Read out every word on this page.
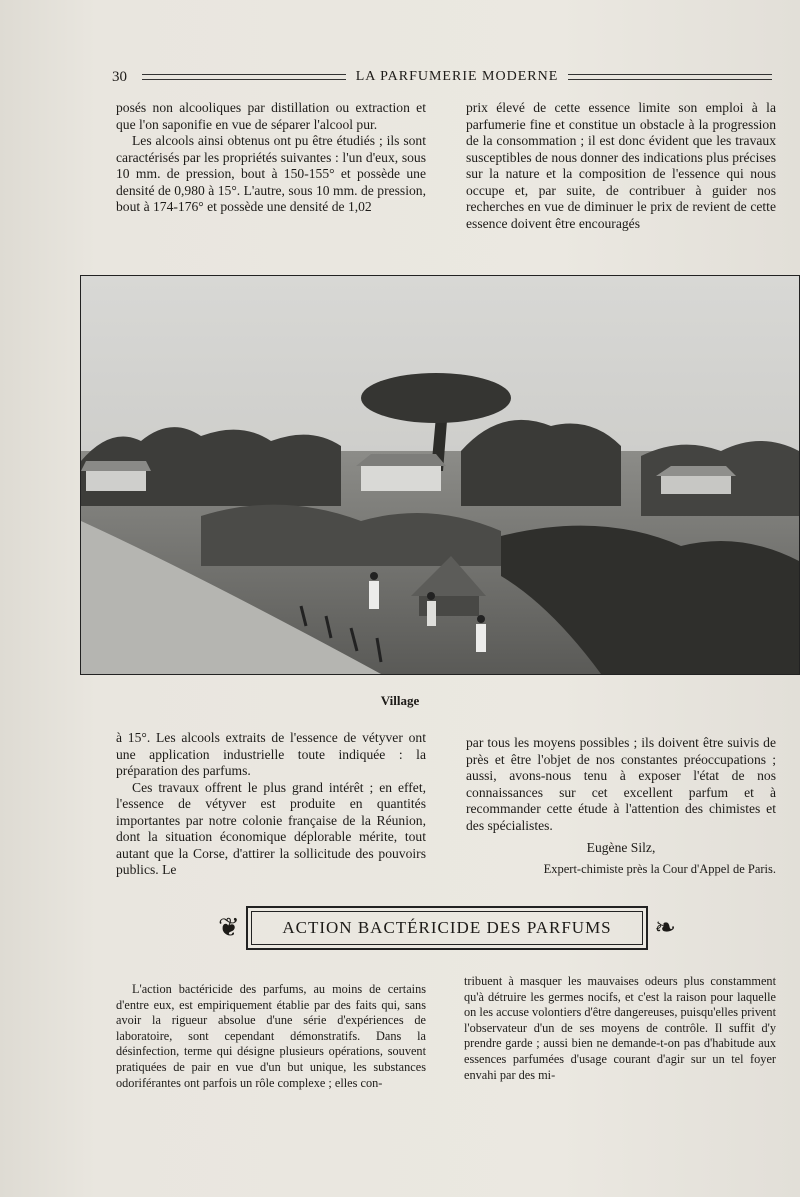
30	LA PARFUMERIE MODERNE

posés non alcooliques par distillation ou extraction et que l'on saponifie en vue de séparer l'alcool pur.

Les alcools ainsi obtenus ont pu être étudiés ; ils sont caractérisés par les propriétés suivantes : l'un d'eux, sous 10 mm. de pression, bout à 150-155° et possède une densité de 0,980 à 15°. L'autre, sous 10 mm. de pression, bout à 174-176° et possède une densité de 1,02

prix élevé de cette essence limite son emploi à la parfumerie fine et constitue un obstacle à la progression de la consommation ; il est donc évident que les travaux susceptibles de nous donner des indications plus précises sur la nature et la composition de l'essence qui nous occupe et, par suite, de contribuer à guider nos recherches en vue de diminuer le prix de revient de cette essence doivent être encouragés

Village

à 15°. Les alcools extraits de l'essence de vétyver ont une application industrielle toute indiquée : la préparation des parfums.

Ces travaux offrent le plus grand intérêt ; en effet, l'essence de vétyver est produite en quantités importantes par notre colonie française de la Réunion, dont la situation économique déplorable mérite, tout autant que la Corse, d'attirer la sollicitude des pouvoirs publics. Le

par tous les moyens possibles ; ils doivent être suivis de près et être l'objet de nos constantes préoccupations ; aussi, avons-nous tenu à exposer l'état de nos connaissances sur cet excellent parfum et à recommander cette étude à l'attention des chimistes et des spécialistes.

Eugène Silz,

Expert-chimiste près la Cour d'Appel de Paris.

❦	ACTION BACTÉRICIDE DES PARFUMS	❧

L'action bactéricide des parfums, au moins de certains d'entre eux, est empiriquement établie par des faits qui, sans avoir la rigueur absolue d'une série d'expériences de laboratoire, sont cependant démonstratifs. Dans la désinfection, terme qui désigne plusieurs opérations, souvent pratiquées de pair en vue d'un but unique, les substances odoriférantes ont parfois un rôle complexe ; elles con-

tribuent à masquer les mauvaises odeurs plus constamment qu'à détruire les germes nocifs, et c'est la raison pour laquelle on les accuse volontiers d'être dangereuses, puisqu'elles privent l'observateur d'un de ses moyens de contrôle. Il suffit d'y prendre garde ; aussi bien ne demande-t-on pas d'habitude aux essences parfumées d'usage courant d'agir sur un tel foyer envahi par des mi-
